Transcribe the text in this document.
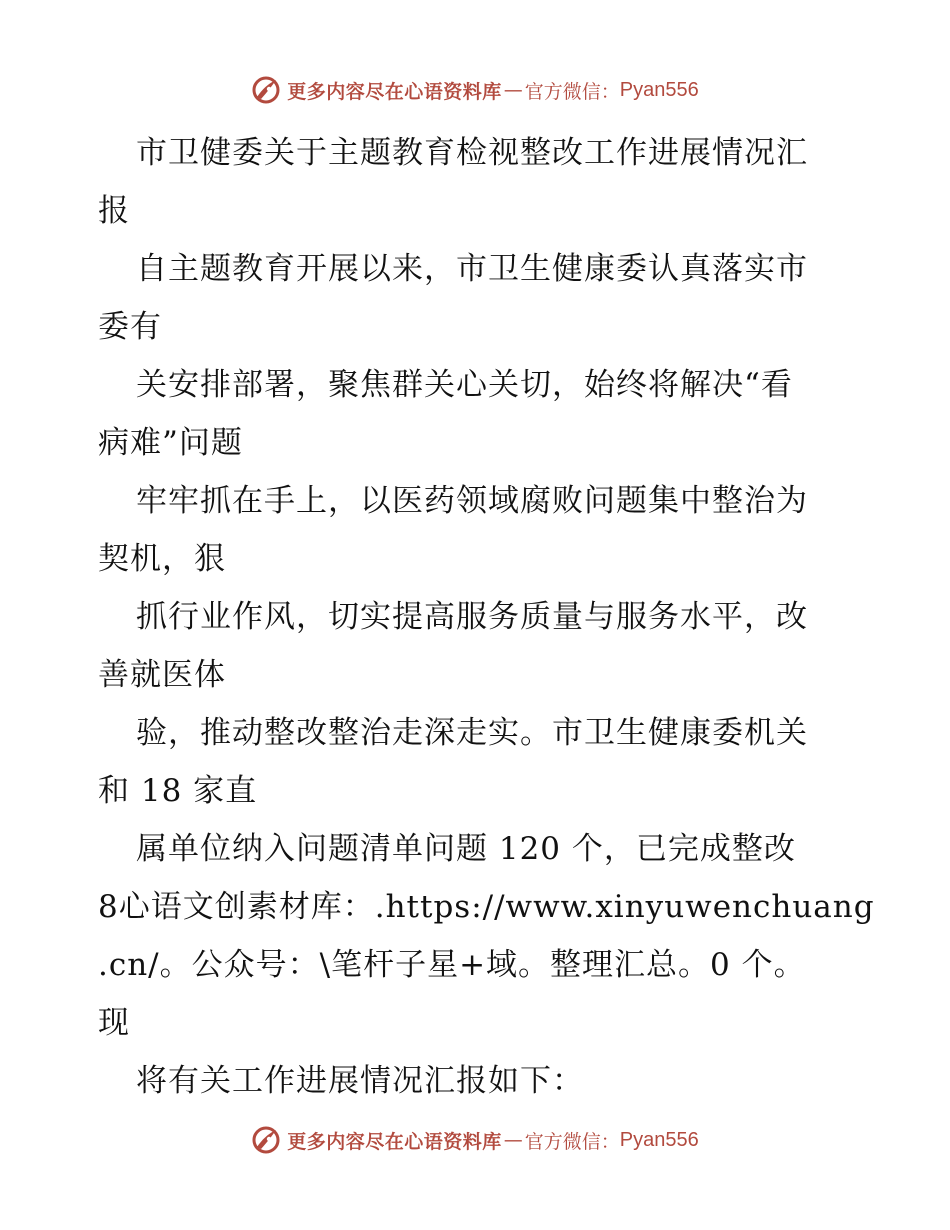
更多内容尽在心语资料库 — 官方微信： Pyan556
市卫健委关于主题教育检视整改工作进展情况汇
报
自主题教育开展以来，市卫生健康委认真落实市
委有
关安排部署，聚焦群关心关切，始终将解决“看
病难”问题
牢牢抓在手上，以医药领域腐败问题集中整治为
契机，狠
抓行业作风，切实提高服务质量与服务水平，改
善就医体
验，推动整改整治走深走实。市卫生健康委机关
和 18 家直
属单位纳入问题清单问题 120 个，已完成整改
8心语文创素材库：.https://www.xinyuwenchuang
.cn/。公众号：\笔杆子星+域。整理汇总。0 个。
现
将有关工作进展情况汇报如下：
更多内容尽在心语资料库 — 官方微信： Pyan556
